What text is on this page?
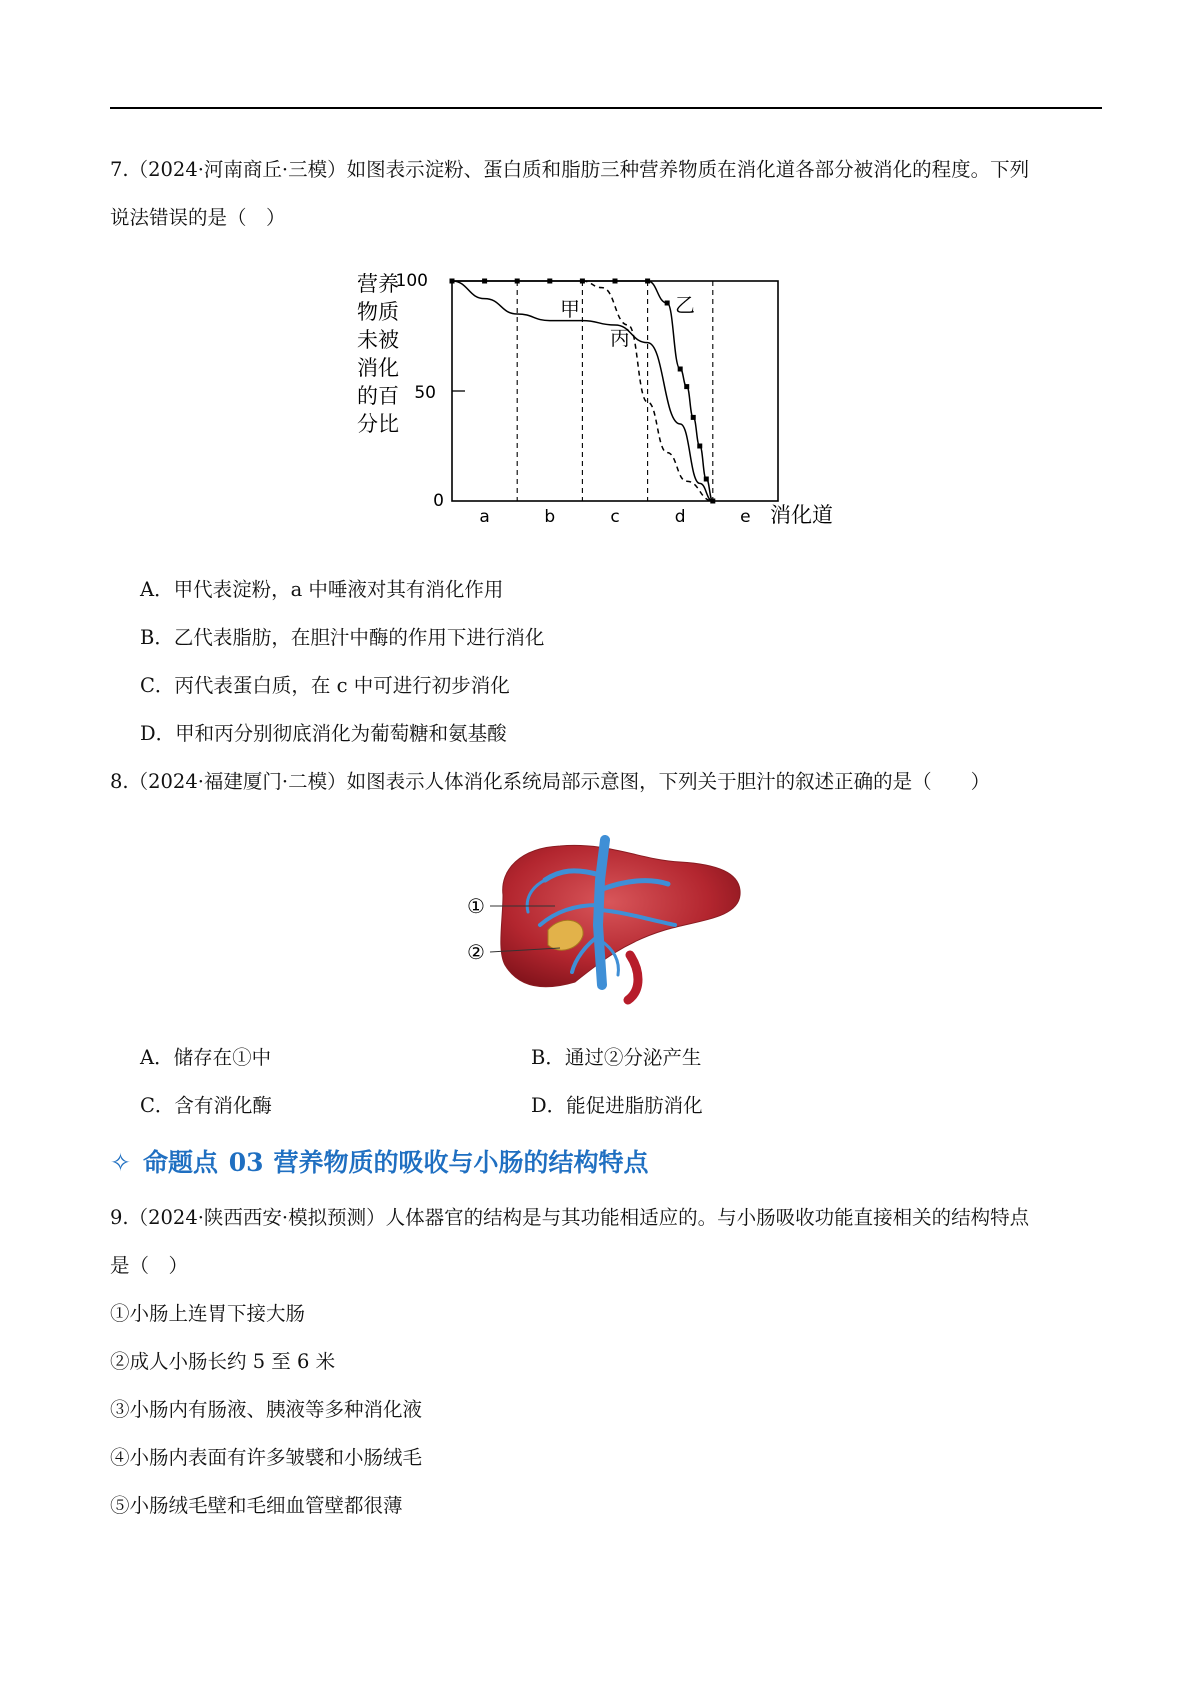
7.（2024·河南商丘·三模）如图表示淀粉、蛋白质和脂肪三种营养物质在消化道各部分被消化的程度。下列
说法错误的是（　）
营养
物质
未被
消化
的百
分比
100
50
0
a	b	c	d	e 消化道
甲	乙
丙
A．甲代表淀粉，a 中唾液对其有消化作用
B．乙代表脂肪，在胆汁中酶的作用下进行消化
C．丙代表蛋白质，在 c 中可进行初步消化
D．甲和丙分别彻底消化为葡萄糖和氨基酸
8.（2024·福建厦门·二模）如图表示人体消化系统局部示意图，下列关于胆汁的叙述正确的是（　　）
①
②
A．储存在①中	B．通过②分泌产生
C．含有消化酶	D．能促进脂肪消化
✧ 命题点 03 营养物质的吸收与小肠的结构特点
9.（2024·陕西西安·模拟预测）人体器官的结构是与其功能相适应的。与小肠吸收功能直接相关的结构特点
是（　）
①小肠上连胃下接大肠
②成人小肠长约 5 至 6 米
③小肠内有肠液、胰液等多种消化液
④小肠内表面有许多皱襞和小肠绒毛
⑤小肠绒毛壁和毛细血管壁都很薄
